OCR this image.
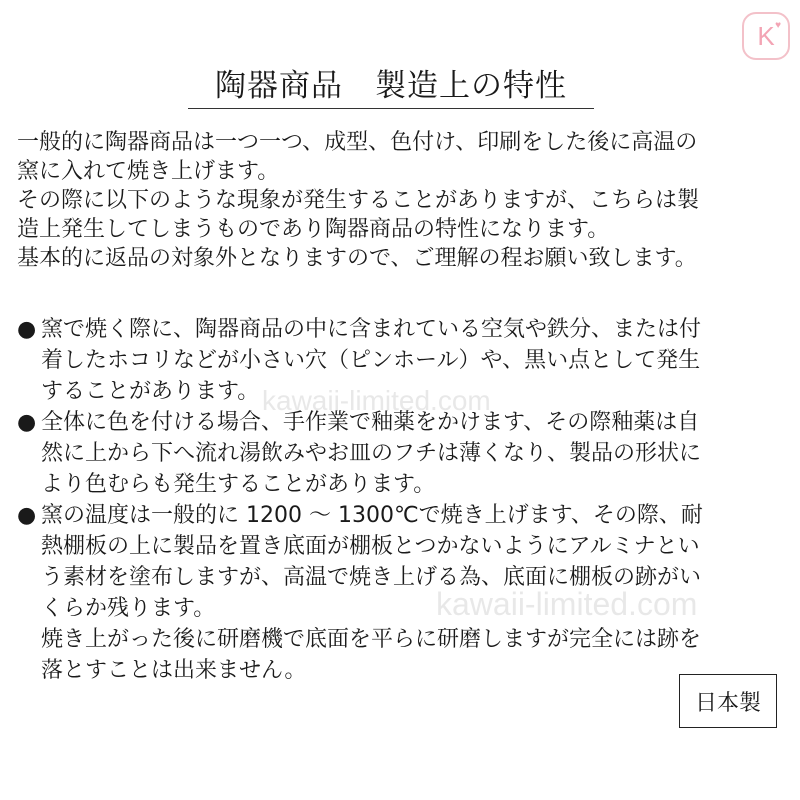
K ♥
kawaii-limited.com
kawaii-limited.com
陶器商品　製造上の特性
一般的に陶器商品は一つ一つ、成型、色付け、印刷をした後に高温の
窯に入れて焼き上げます。
その際に以下のような現象が発生することがありますが、こちらは製
造上発生してしまうものであり陶器商品の特性になります。
基本的に返品の対象外となりますので、ご理解の程お願い致します。
● 窯で焼く際に、陶器商品の中に含まれている空気や鉄分、または付
着したホコリなどが小さい穴（ピンホール）や、黒い点として発生
することがあります。
● 全体に色を付ける場合、手作業で釉薬をかけます、その際釉薬は自
然に上から下へ流れ湯飲みやお皿のフチは薄くなり、製品の形状に
より色むらも発生することがあります。
● 窯の温度は一般的に 1200 ～ 1300℃で焼き上げます、その際、耐
熱棚板の上に製品を置き底面が棚板とつかないようにアルミナとい
う素材を塗布しますが、高温で焼き上げる為、底面に棚板の跡がい
くらか残ります。
焼き上がった後に研磨機で底面を平らに研磨しますが完全には跡を
落とすことは出来ません。
日本製
